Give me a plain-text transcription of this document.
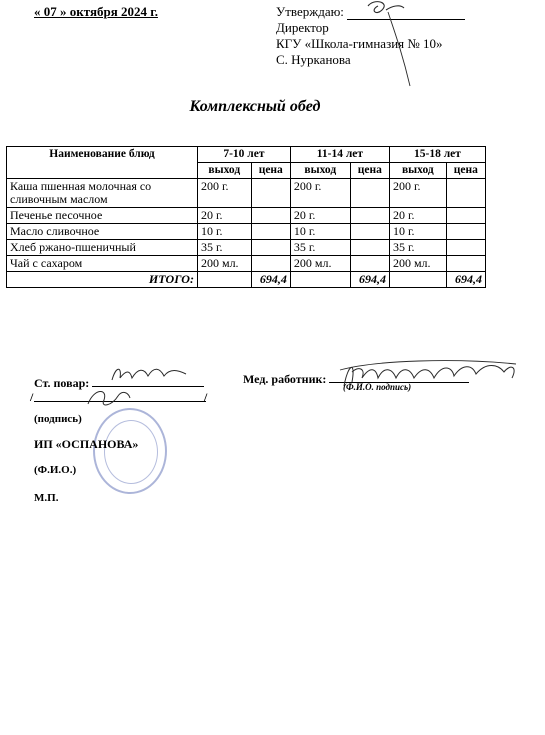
« 07 » октября 2024 г.	Утверждаю:
Директор
КГУ «Школа-гимназия № 10»
С. Нурканова
Комплексный обед
Наименование блюд	7-10 лет		11-14 лет		15-18 лет	
	выход	цена	выход	цена	выход	цена
Каша пшенная молочная со сливочным маслом	200 г.		200 г.		200 г.	
Печенье песочное	20 г.		20 г.		20 г.	
Масло сливочное	10 г.		10 г.		10 г.	
Хлеб ржано-пшеничный	35 г.		35 г.		35 г.	
Чай с сахаром	200 мл.		200 мл.		200 мл.	
ИТОГО:		694,4		694,4		694,4
Ст. повар:
/	/
(подпись)
ИП «ОСПАНОВА»
(Ф.И.О.)
М.П.
Мед. работник:
(Ф.И.О. подпись)
